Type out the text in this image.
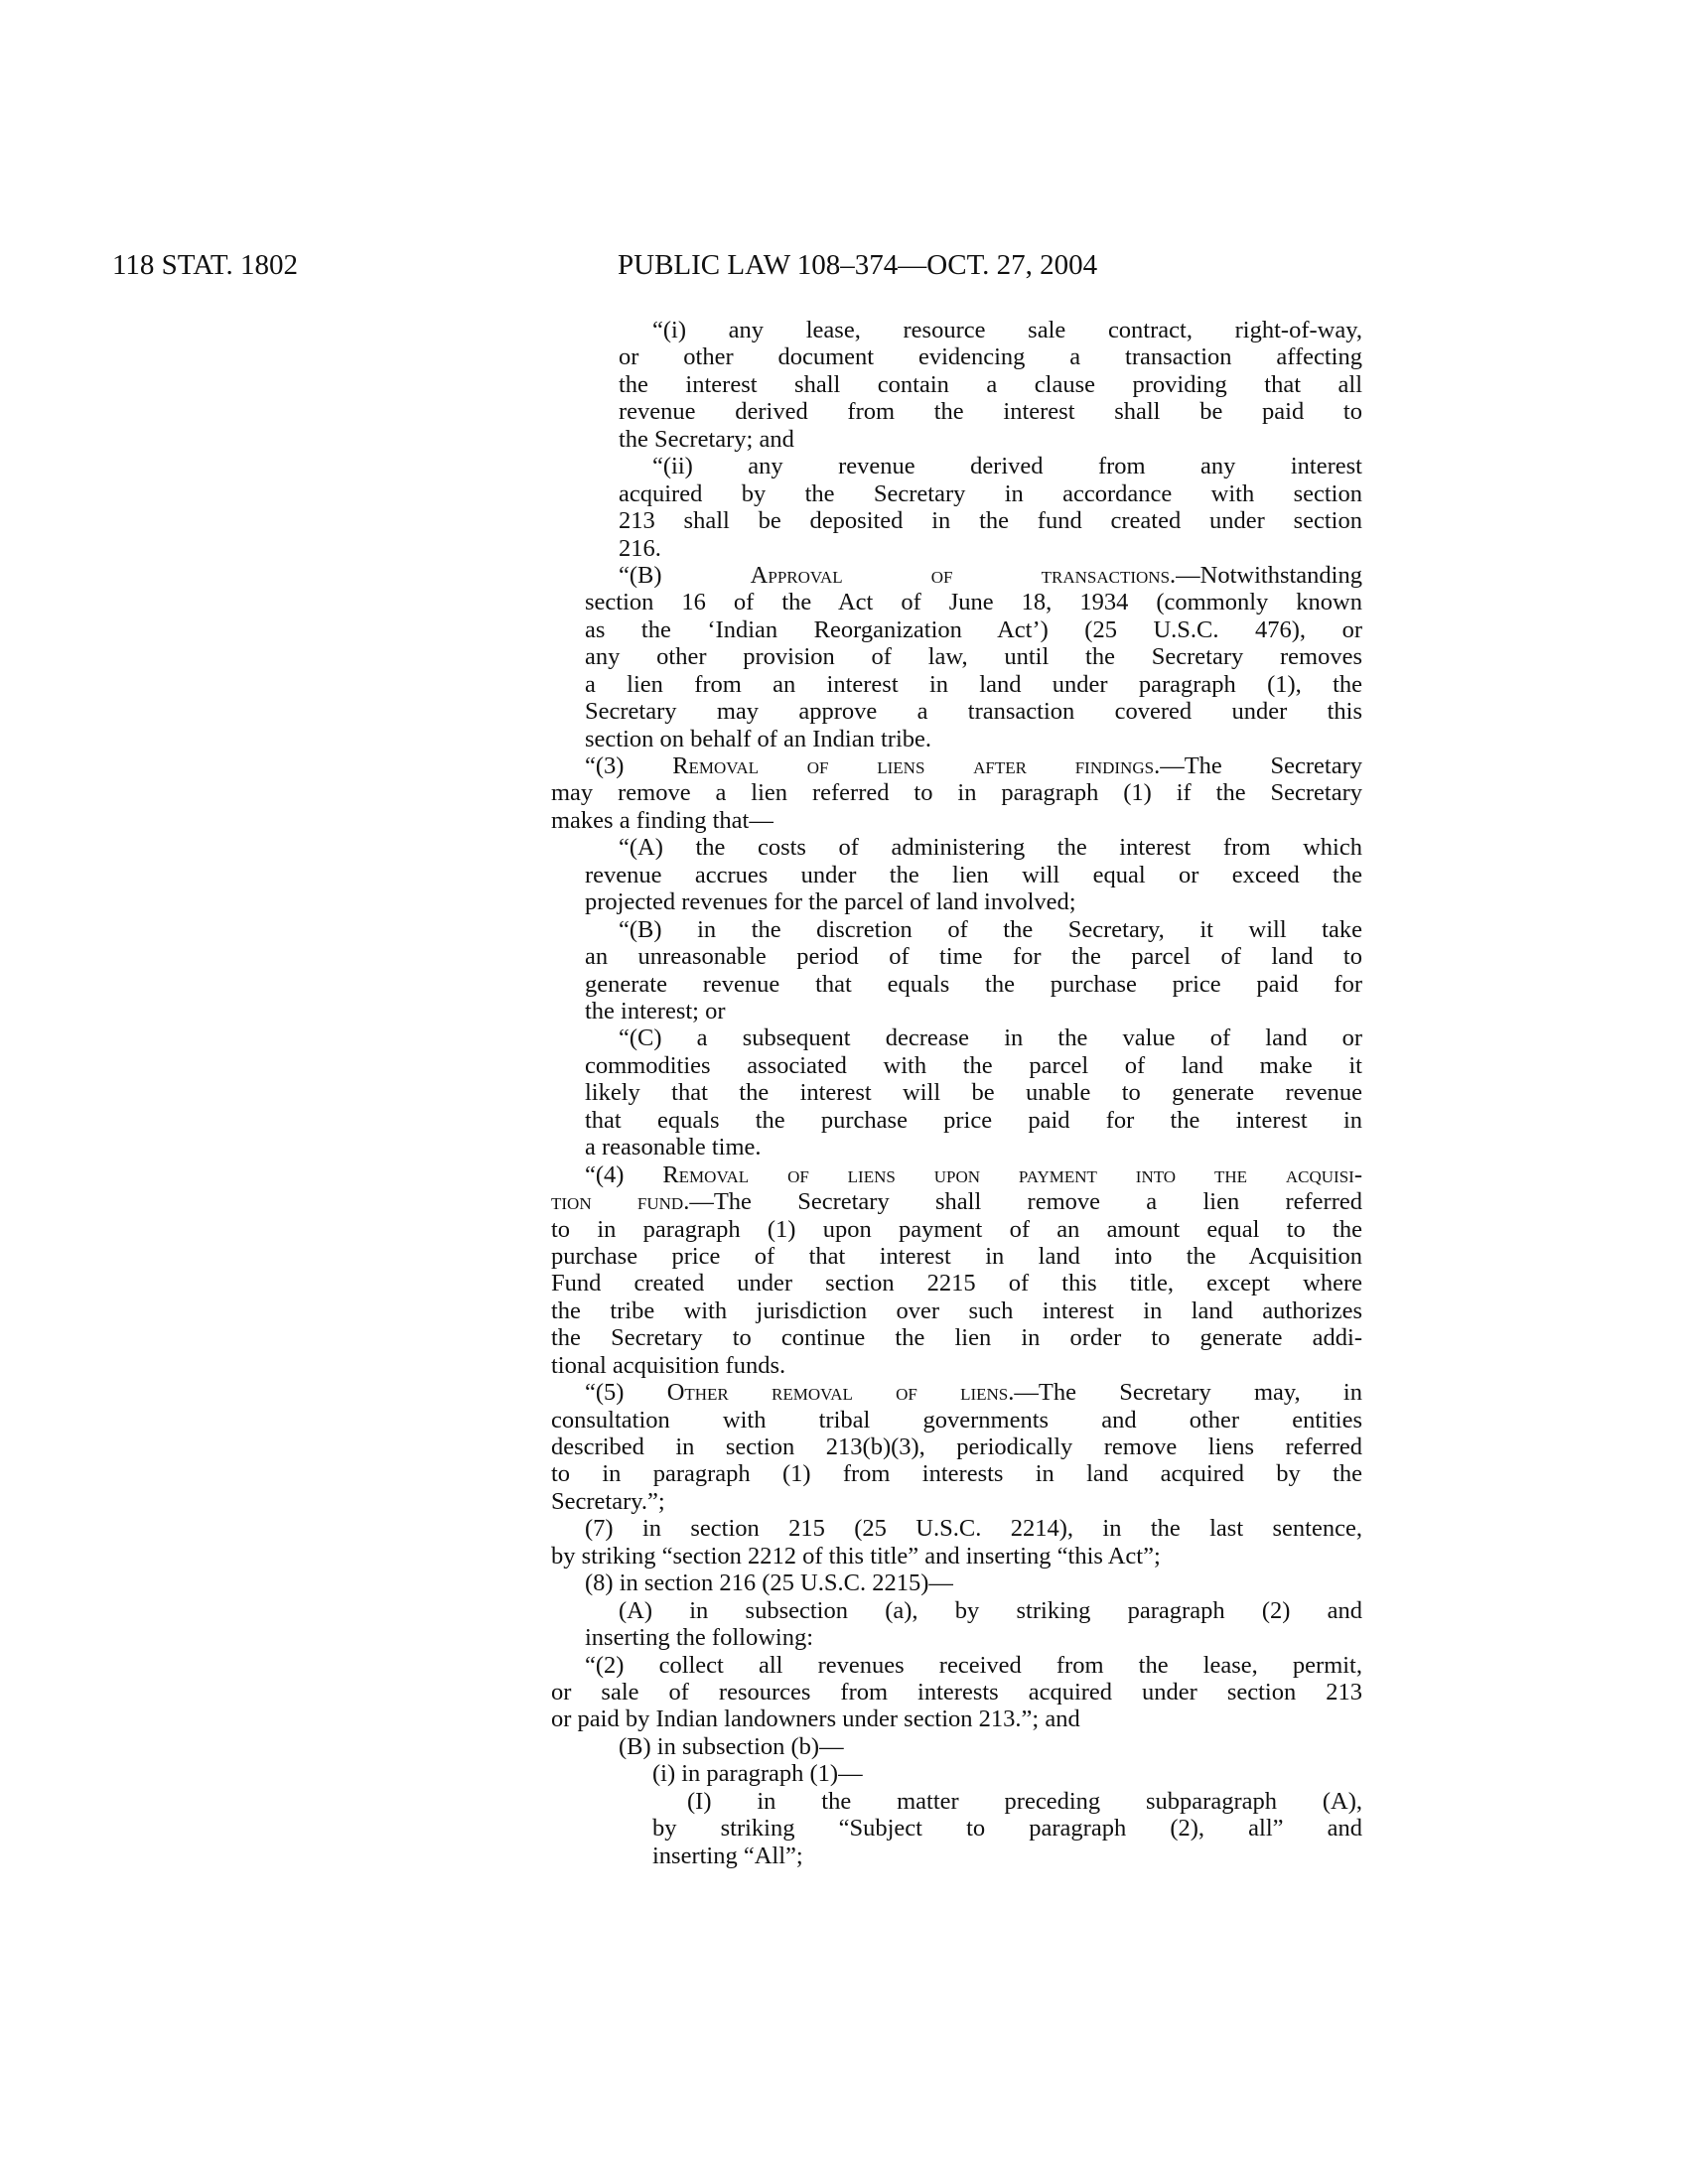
118 STAT. 1802	PUBLIC LAW 108–374—OCT. 27, 2004
“(i) any lease, resource sale contract, right-of-way,
or other document evidencing a transaction affecting
the interest shall contain a clause providing that all
revenue derived from the interest shall be paid to
the Secretary; and
“(ii) any revenue derived from any interest
acquired by the Secretary in accordance with section
213 shall be deposited in the fund created under section
216.
“(B) Approval of transactions.—Notwithstanding
section 16 of the Act of June 18, 1934 (commonly known
as the ‘Indian Reorganization Act’) (25 U.S.C. 476), or
any other provision of law, until the Secretary removes
a lien from an interest in land under paragraph (1), the
Secretary may approve a transaction covered under this
section on behalf of an Indian tribe.
“(3) Removal of liens after findings.—The Secretary
may remove a lien referred to in paragraph (1) if the Secretary
makes a finding that—
“(A) the costs of administering the interest from which
revenue accrues under the lien will equal or exceed the
projected revenues for the parcel of land involved;
“(B) in the discretion of the Secretary, it will take
an unreasonable period of time for the parcel of land to
generate revenue that equals the purchase price paid for
the interest; or
“(C) a subsequent decrease in the value of land or
commodities associated with the parcel of land make it
likely that the interest will be unable to generate revenue
that equals the purchase price paid for the interest in
a reasonable time.
“(4) Removal of liens upon payment into the acquisi-
tion fund.—The Secretary shall remove a lien referred
to in paragraph (1) upon payment of an amount equal to the
purchase price of that interest in land into the Acquisition
Fund created under section 2215 of this title, except where
the tribe with jurisdiction over such interest in land authorizes
the Secretary to continue the lien in order to generate addi-
tional acquisition funds.
“(5) Other removal of liens.—The Secretary may, in
consultation with tribal governments and other entities
described in section 213(b)(3), periodically remove liens referred
to in paragraph (1) from interests in land acquired by the
Secretary.”;
(7) in section 215 (25 U.S.C. 2214), in the last sentence,
by striking “section 2212 of this title” and inserting “this Act”;
(8) in section 216 (25 U.S.C. 2215)—
(A) in subsection (a), by striking paragraph (2) and
inserting the following:
“(2) collect all revenues received from the lease, permit,
or sale of resources from interests acquired under section 213
or paid by Indian landowners under section 213.”; and
(B) in subsection (b)—
(i) in paragraph (1)—
(I) in the matter preceding subparagraph (A),
by striking “Subject to paragraph (2), all” and
inserting “All”;
